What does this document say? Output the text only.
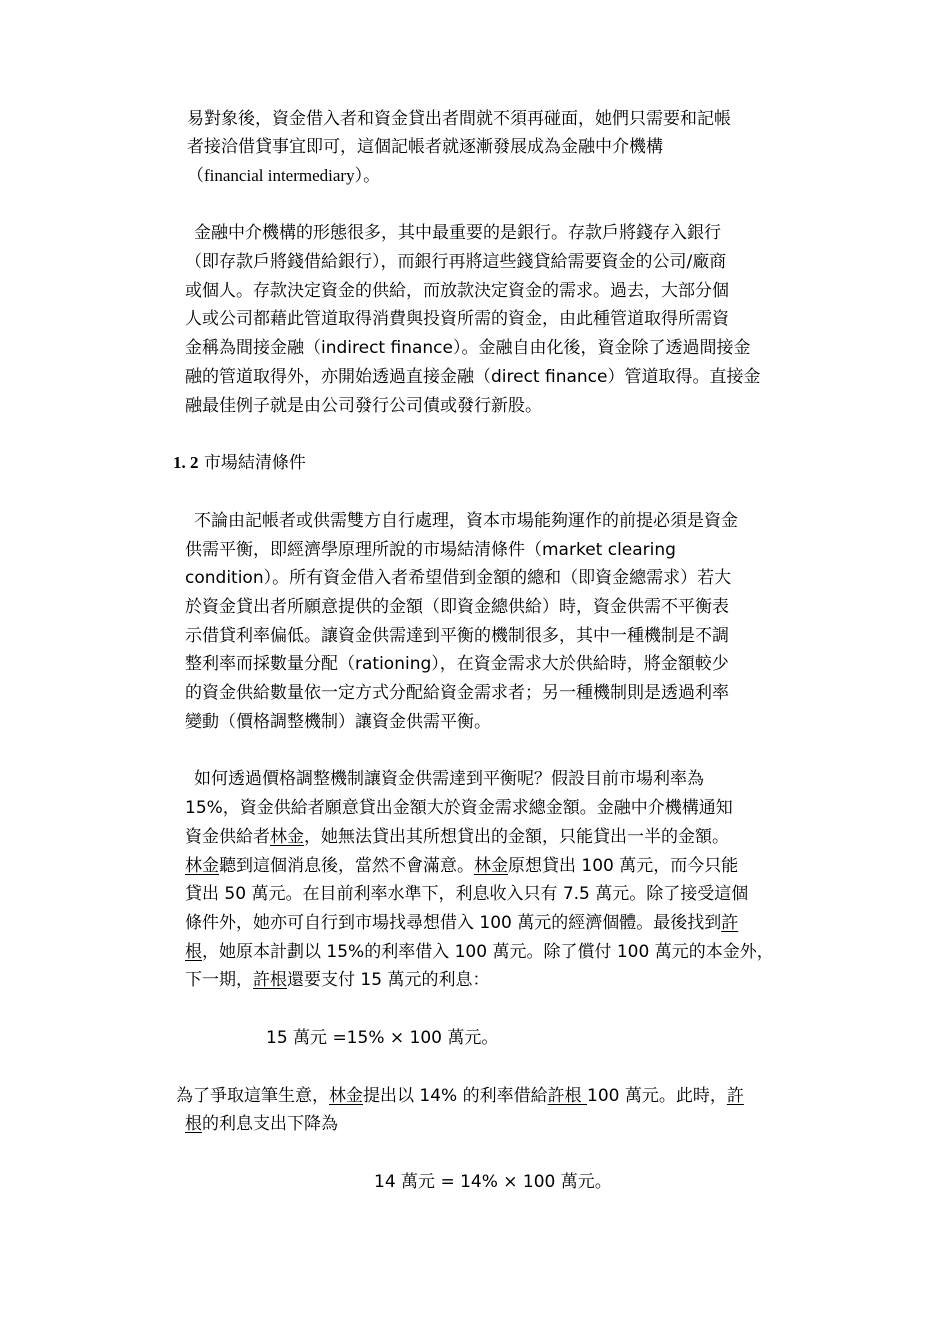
易對象後，資金借入者和資金貸出者間就不須再碰面，她們只需要和記帳
者接洽借貸事宜即可，這個記帳者就逐漸發展成為金融中介機構
（financial intermediary）。
金融中介機構的形態很多，其中最重要的是銀行。存款戶將錢存入銀行
（即存款戶將錢借給銀行），而銀行再將這些錢貸給需要資金的公司/廠商
或個人。存款決定資金的供給，而放款決定資金的需求。過去，大部分個
人或公司都藉此管道取得消費與投資所需的資金，由此種管道取得所需資
金稱為間接金融（indirect finance）。金融自由化後，資金除了透過間接金
融的管道取得外，亦開始透過直接金融（direct finance）管道取得。直接金
融最佳例子就是由公司發行公司債或發行新股。
1. 2 市場結清條件
不論由記帳者或供需雙方自行處理，資本市場能夠運作的前提必須是資金
供需平衡，即經濟學原理所說的市場結清條件（market clearing
condition）。所有資金借入者希望借到金額的總和（即資金總需求）若大
於資金貸出者所願意提供的金額（即資金總供給）時，資金供需不平衡表
示借貸利率偏低。讓資金供需達到平衡的機制很多，其中一種機制是不調
整利率而採數量分配（rationing），在資金需求大於供給時，將金額較少
的資金供給數量依一定方式分配給資金需求者；另一種機制則是透過利率
變動（價格調整機制）讓資金供需平衡。
如何透過價格調整機制讓資金供需達到平衡呢？假設目前市場利率為
15%，資金供給者願意貸出金額大於資金需求總金額。金融中介機構通知
資金供給者林金，她無法貸出其所想貸出的金額，只能貸出一半的金額。
林金聽到這個消息後，當然不會滿意。林金原想貸出 100 萬元，而今只能
貸出 50 萬元。在目前利率水準下，利息收入只有 7.5 萬元。除了接受這個
條件外，她亦可自行到市場找尋想借入 100 萬元的經濟個體。最後找到許
根，她原本計劃以 15%的利率借入 100 萬元。除了償付 100 萬元的本金外，
下一期，許根還要支付 15 萬元的利息：
15 萬元 =15% × 100 萬元。
為了爭取這筆生意，林金提出以 14% 的利率借給許根 100 萬元。此時，許
根的利息支出下降為
14 萬元 = 14% × 100 萬元。
